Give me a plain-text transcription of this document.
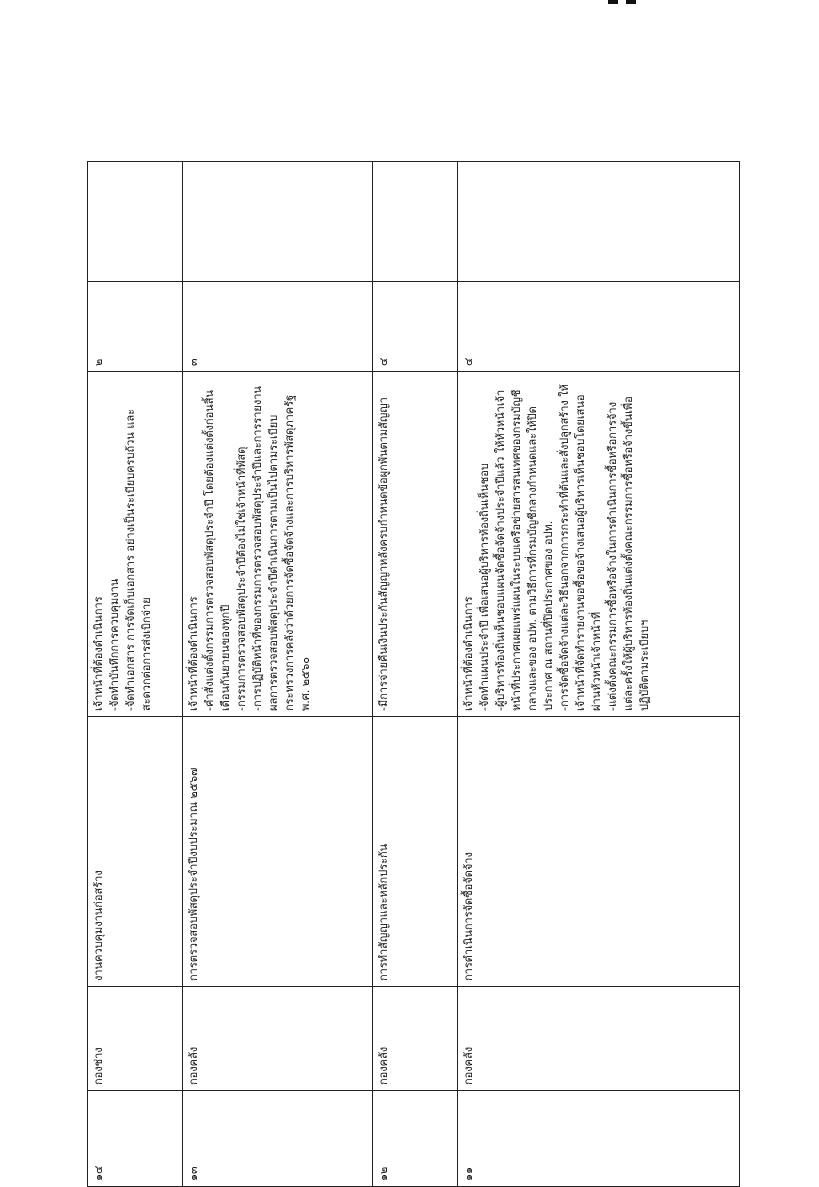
๑๔	กองช่าง	งานควบคุมงานก่อสร้าง	เจ้าหน้าที่ต้องดำเนินการ -จัดทำบันทึกการควบคุมงาน -จัดทำเอกสาร การจัดเก็บเอกสาร อย่างเป็นระเบียบครบถ้วน และสะดวกต่อการส่งเบิกจ่าย	๒	
๑๓	กองคลัง	การตรวจสอบพัสดุประจำปีงบประมาณ ๒๕๖๗	เจ้าหน้าที่ต้องดำเนินการ -คำสั่งแต่งตั้งกรรมการตรวจสอบพัสดุประจำปี โดยต้องแต่งตั้งก่อนสิ้นเดือนกันยายนของทุกปี -กรรมการตรวจสอบพัสดุประจำปีต้องไม่ใช่เจ้าหน้าที่พัสดุ -การปฏิบัติหน้าที่ของกรรมการตรวจสอบพัสดุประจำปีและการรายงานผลการตรวจสอบพัสดุประจำปีดำเนินการตามเป็นไปตามระเบียบกระทรวงการคลังว่าด้วยการจัดซื้อจัดจ้างและการบริหารพัสดุภาครัฐ พ.ศ. ๒๕๖๐	๓	
๑๒	กองคลัง	การทำสัญญาและหลักประกัน	-มีการจ่ายคืนเงินประกันสัญญาหลังครบกำหนดข้อผูกพันตามสัญญา	๔	
๑๑	กองคลัง	การดำเนินการจัดซื้อจัดจ้าง	เจ้าหน้าที่ต้องดำเนินการ -จัดทำแผนประจำปี เพื่อเสนอผู้บริหารท้องถิ่นเห็นชอบ -ผู้บริหารท้องถิ่นเห็นชอบแผนจัดซื้อจัดจ้างประจำปีแล้ว ให้หัวหน้าเจ้าหน้าที่ประกาศเผยแพร่แผนในระบบเครือข่ายสารสนเทศของกรมบัญชีกลางและของ อปท. ตามวิธีการที่กรมบัญชีกลางกำหนดและให้ปิดประกาศ ณ สถานที่ปิดประกาศของ อปท. -การจัดซื้อจัดจ้างแต่ละวิธีนอกจากการกระทำที่ต้นและสั่งปลูกสร้าง ให้เจ้าหน้าที่จัดทำรายงานขอซื้อขอจ้างเสนอผู้บริหารเห็นชอบโดยเสนอผ่านหัวหน้าเจ้าหน้าที่ -แต่งตั้งคณะกรรมการซื้อหรือจ้างในการดำเนินการซื้อหรือการจ้างแต่ละครั้งให้ผู้บริหารท้องถิ่นแต่งตั้งคณะกรรมการซื้อหรือจ้างขึ้นเพื่อปฏิบัติตามระเบียบฯ	๔	
